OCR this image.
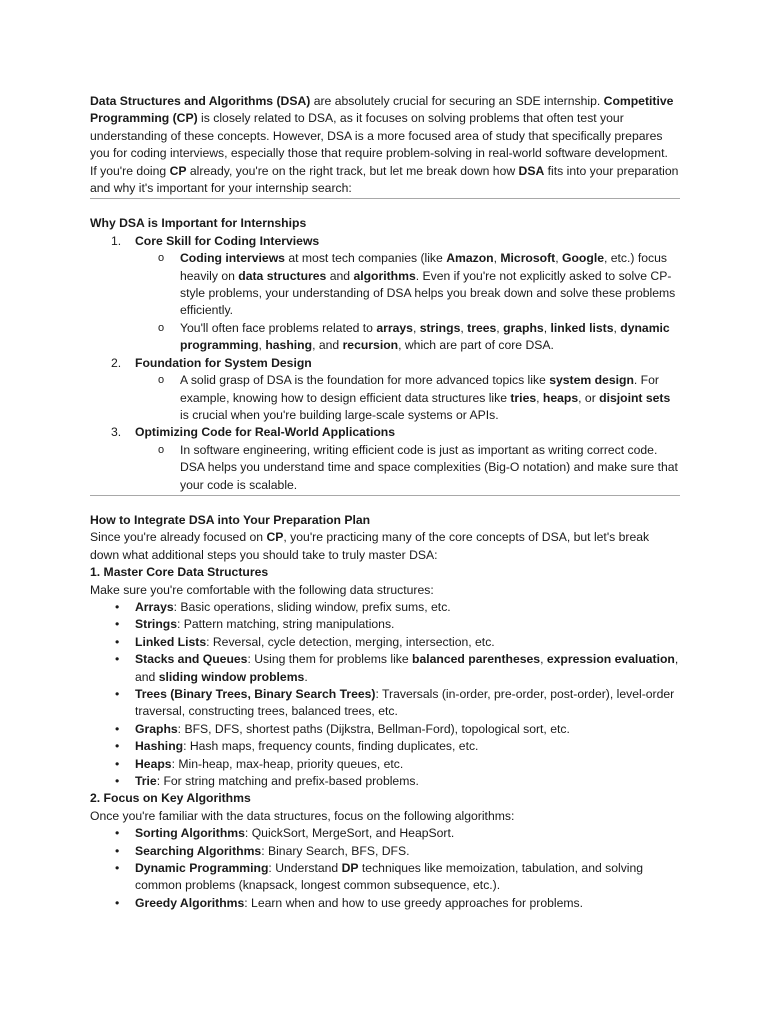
Data Structures and Algorithms (DSA) are absolutely crucial for securing an SDE internship. Competitive Programming (CP) is closely related to DSA, as it focuses on solving problems that often test your understanding of these concepts. However, DSA is a more focused area of study that specifically prepares you for coding interviews, especially those that require problem-solving in real-world software development.

If you're doing CP already, you're on the right track, but let me break down how DSA fits into your preparation and why it's important for your internship search:

Why DSA is Important for Internships

1. Core Skill for Coding Interviews
o Coding interviews at most tech companies (like Amazon, Microsoft, Google, etc.) focus heavily on data structures and algorithms. Even if you're not explicitly asked to solve CP-style problems, your understanding of DSA helps you break down and solve these problems efficiently.
o You'll often face problems related to arrays, strings, trees, graphs, linked lists, dynamic programming, hashing, and recursion, which are part of core DSA.
2. Foundation for System Design
o A solid grasp of DSA is the foundation for more advanced topics like system design. For example, knowing how to design efficient data structures like tries, heaps, or disjoint sets is crucial when you're building large-scale systems or APIs.
3. Optimizing Code for Real-World Applications
o In software engineering, writing efficient code is just as important as writing correct code. DSA helps you understand time and space complexities (Big-O notation) and make sure that your code is scalable.

How to Integrate DSA into Your Preparation Plan

Since you're already focused on CP, you're practicing many of the core concepts of DSA, but let's break down what additional steps you should take to truly master DSA:

1. Master Core Data Structures

Make sure you're comfortable with the following data structures:

• Arrays: Basic operations, sliding window, prefix sums, etc.
• Strings: Pattern matching, string manipulations.
• Linked Lists: Reversal, cycle detection, merging, intersection, etc.
• Stacks and Queues: Using them for problems like balanced parentheses, expression evaluation, and sliding window problems.
• Trees (Binary Trees, Binary Search Trees): Traversals (in-order, pre-order, post-order), level-order traversal, constructing trees, balanced trees, etc.
• Graphs: BFS, DFS, shortest paths (Dijkstra, Bellman-Ford), topological sort, etc.
• Hashing: Hash maps, frequency counts, finding duplicates, etc.
• Heaps: Min-heap, max-heap, priority queues, etc.
• Trie: For string matching and prefix-based problems.

2. Focus on Key Algorithms

Once you're familiar with the data structures, focus on the following algorithms:

• Sorting Algorithms: QuickSort, MergeSort, and HeapSort.
• Searching Algorithms: Binary Search, BFS, DFS.
• Dynamic Programming: Understand DP techniques like memoization, tabulation, and solving common problems (knapsack, longest common subsequence, etc.).
• Greedy Algorithms: Learn when and how to use greedy approaches for problems.
